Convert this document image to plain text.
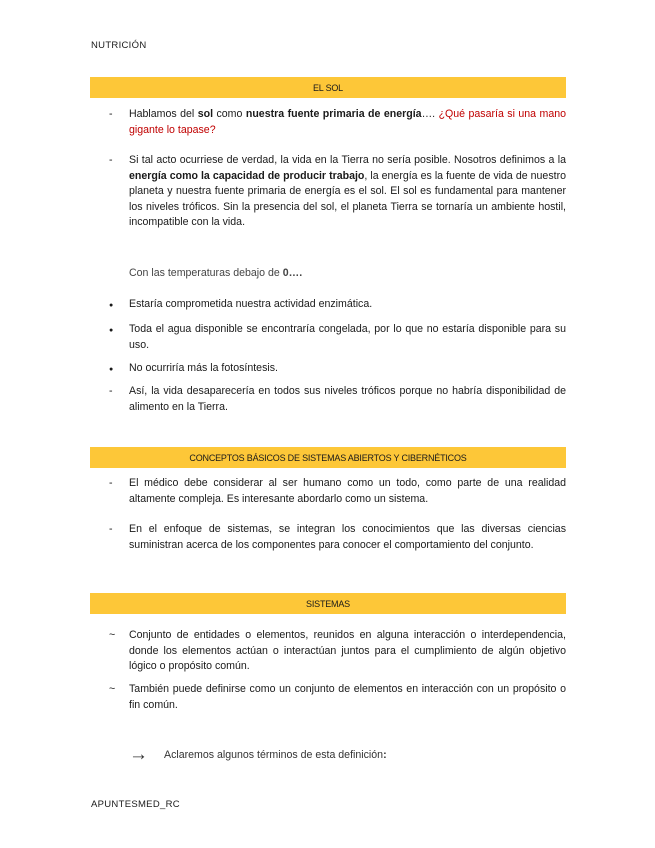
NUTRICIÓN
EL SOL
-	Hablamos del sol como nuestra fuente primaria de energía…. ¿Qué pasaría si una mano gigante lo tapase?
-	Si tal acto ocurriese de verdad, la vida en la Tierra no sería posible. Nosotros definimos a la energía como la capacidad de producir trabajo, la energía es la fuente de vida de nuestro planeta y nuestra fuente primaria de energía es el sol. El sol es fundamental para mantener los niveles tróficos. Sin la presencia del sol, el planeta Tierra se tornaría un ambiente hostil, incompatible con la vida.
Con las temperaturas debajo de 0….
●	Estaría comprometida nuestra actividad enzimática.
●	Toda el agua disponible se encontraría congelada, por lo que no estaría disponible para su uso.
●	No ocurriría más la fotosíntesis.
-	Así, la vida desaparecería en todos sus niveles tróficos porque no habría disponibilidad de alimento en la Tierra.
CONCEPTOS BÁSICOS DE SISTEMAS ABIERTOS Y CIBERNÉTICOS
-	El médico debe considerar al ser humano como un todo, como parte de una realidad altamente compleja. Es interesante abordarlo como un sistema.
-	En el enfoque de sistemas, se integran los conocimientos que las diversas ciencias suministran acerca de los componentes para conocer el comportamiento del conjunto.
SISTEMAS
~	Conjunto de entidades o elementos, reunidos en alguna interacción o interdependencia, donde los elementos actúan o interactúan juntos para el cumplimiento de algún objetivo lógico o propósito común.
~	También puede definirse como un conjunto de elementos en interacción con un propósito o fin común.
→ Aclaremos algunos términos de esta definición:
APUNTESMED_RC
